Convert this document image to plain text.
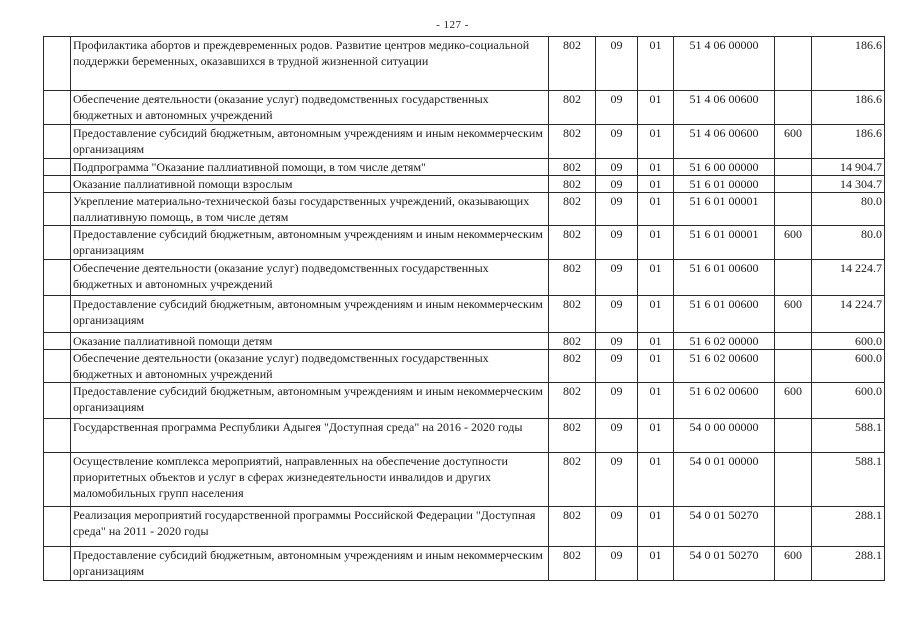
- 127 -
	Профилактика абортов и преждевременных родов. Развитие центров медико-социальной поддержки беременных, оказавшихся в трудной жизненной ситуации	802	09	01	51 4 06 00000		186.6
	Обеспечение деятельности (оказание услуг) подведомственных государственных бюджетных и автономных учреждений	802	09	01	51 4 06 00600		186.6
	Предоставление субсидий бюджетным, автономным учреждениям и иным некоммерческим организациям	802	09	01	51 4 06 00600	600	186.6
	Подпрограмма "Оказание паллиативной помощи, в том числе детям"	802	09	01	51 6 00 00000		14 904.7
	Оказание паллиативной помощи взрослым	802	09	01	51 6 01 00000		14 304.7
	Укрепление материально-технической базы государственных учреждений, оказывающих паллиативную помощь, в том числе детям	802	09	01	51 6 01 00001		80.0
	Предоставление субсидий бюджетным, автономным учреждениям и иным некоммерческим организациям	802	09	01	51 6 01 00001	600	80.0
	Обеспечение деятельности (оказание услуг) подведомственных государственных бюджетных и автономных учреждений	802	09	01	51 6 01 00600		14 224.7
	Предоставление субсидий бюджетным, автономным учреждениям и иным некоммерческим организациям	802	09	01	51 6 01 00600	600	14 224.7
	Оказание паллиативной помощи детям	802	09	01	51 6 02 00000		600.0
	Обеспечение деятельности (оказание услуг) подведомственных государственных бюджетных и автономных учреждений	802	09	01	51 6 02 00600		600.0
	Предоставление субсидий бюджетным, автономным учреждениям и иным некоммерческим организациям	802	09	01	51 6 02 00600	600	600.0
	Государственная программа Республики Адыгея "Доступная среда" на 2016 - 2020 годы	802	09	01	54 0 00 00000		588.1
	Осуществление комплекса мероприятий, направленных на обеспечение доступности приоритетных объектов и услуг в сферах жизнедеятельности инвалидов и других маломобильных групп населения	802	09	01	54 0 01 00000		588.1
	Реализация мероприятий государственной программы Российской Федерации "Доступная среда" на 2011 - 2020 годы	802	09	01	54 0 01 50270		288.1
	Предоставление субсидий бюджетным, автономным учреждениям и иным некоммерческим организациям	802	09	01	54 0 01 50270	600	288.1
